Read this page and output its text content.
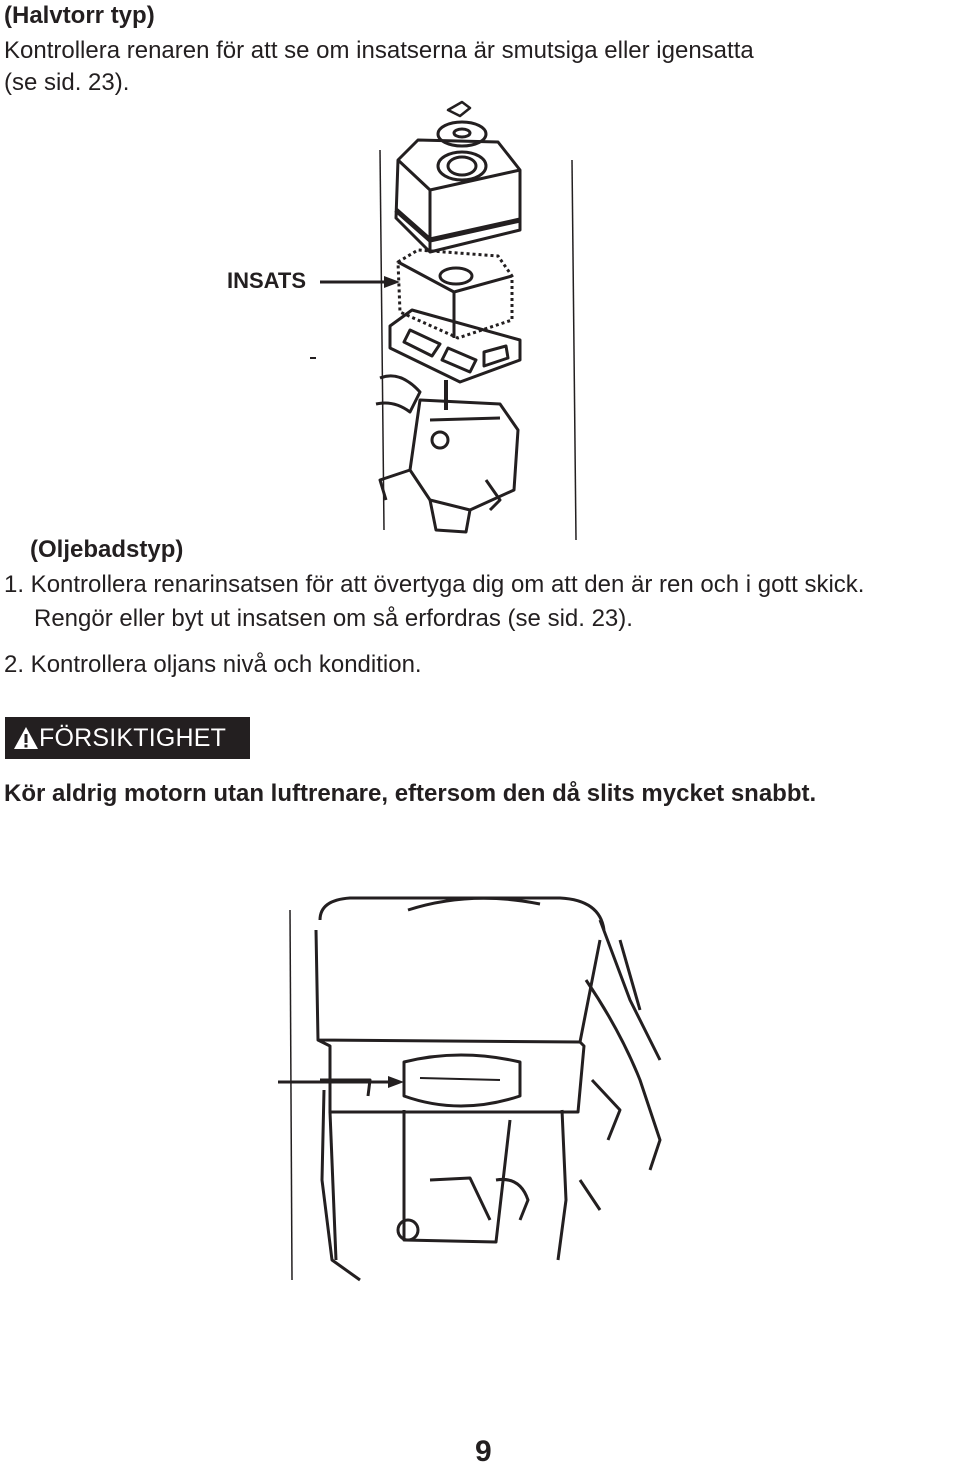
(Halvtorr typ)
Kontrollera renaren för att se om insatserna är smutsiga eller igensatta
(se sid. 23).
INSATS
(Oljebadstyp)
1. Kontrollera renarinsatsen för att övertyga dig om att den är ren och i gott skick.
Rengör eller byt ut insatsen om så erfordras (se sid. 23).
2. Kontrollera oljans nivå och kondition.
FÖRSIKTIGHET
Kör aldrig motorn utan luftrenare, eftersom den då slits mycket snabbt.
9
